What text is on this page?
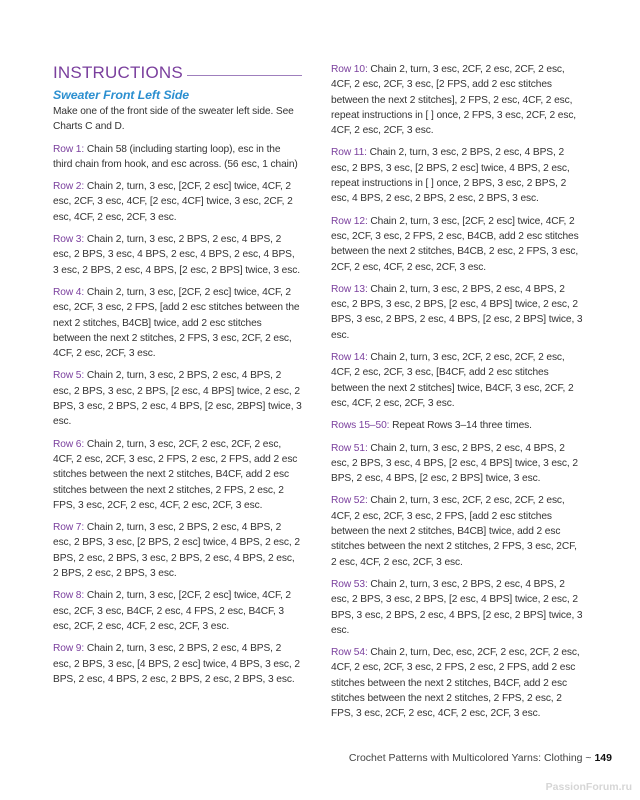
INSTRUCTIONS
Sweater Front Left Side

Make one of the front side of the sweater left side. See Charts C and D.

Row 1: Chain 58 (including starting loop), esc in the third chain from hook, and esc across. (56 esc, 1 chain)

Row 2: Chain 2, turn, 3 esc, [2CF, 2 esc] twice, 4CF, 2 esc, 2CF, 3 esc, 4CF, [2 esc, 4CF] twice, 3 esc, 2CF, 2 esc, 4CF, 2 esc, 2CF, 3 esc.

Row 3: Chain 2, turn, 3 esc, 2 BPS, 2 esc, 4 BPS, 2 esc, 2 BPS, 3 esc, 4 BPS, 2 esc, 4 BPS, 2 esc, 4 BPS, 3 esc, 2 BPS, 2 esc, 4 BPS, [2 esc, 2 BPS] twice, 3 esc.

Row 4: Chain 2, turn, 3 esc, [2CF, 2 esc] twice, 4CF, 2 esc, 2CF, 3 esc, 2 FPS, [add 2 esc stitches between the next 2 stitches, B4CB] twice, add 2 esc stitches between the next 2 stitches, 2 FPS, 3 esc, 2CF, 2 esc, 4CF, 2 esc, 2CF, 3 esc.

Row 5: Chain 2, turn, 3 esc, 2 BPS, 2 esc, 4 BPS, 2 esc, 2 BPS, 3 esc, 2 BPS, [2 esc, 4 BPS] twice, 2 esc, 2 BPS, 3 esc, 2 BPS, 2 esc, 4 BPS, [2 esc, 2BPS] twice, 3 esc.

Row 6: Chain 2, turn, 3 esc, 2CF, 2 esc, 2CF, 2 esc, 4CF, 2 esc, 2CF, 3 esc, 2 FPS, 2 esc, 2 FPS, add 2 esc stitches between the next 2 stitches, B4CF, add 2 esc stitches between the next 2 stitches, 2 FPS, 2 esc, 2 FPS, 3 esc, 2CF, 2 esc, 4CF, 2 esc, 2CF, 3 esc.

Row 7: Chain 2, turn, 3 esc, 2 BPS, 2 esc, 4 BPS, 2 esc, 2 BPS, 3 esc, [2 BPS, 2 esc] twice, 4 BPS, 2 esc, 2 BPS, 2 esc, 2 BPS, 3 esc, 2 BPS, 2 esc, 4 BPS, 2 esc, 2 BPS, 2 esc, 2 BPS, 3 esc.

Row 8: Chain 2, turn, 3 esc, [2CF, 2 esc] twice, 4CF, 2 esc, 2CF, 3 esc, B4CF, 2 esc, 4 FPS, 2 esc, B4CF, 3 esc, 2CF, 2 esc, 4CF, 2 esc, 2CF, 3 esc.

Row 9: Chain 2, turn, 3 esc, 2 BPS, 2 esc, 4 BPS, 2 esc, 2 BPS, 3 esc, [4 BPS, 2 esc] twice, 4 BPS, 3 esc, 2 BPS, 2 esc, 4 BPS, 2 esc, 2 BPS, 2 esc, 2 BPS, 3 esc.

Row 10: Chain 2, turn, 3 esc, 2CF, 2 esc, 2CF, 2 esc, 4CF, 2 esc, 2CF, 3 esc, [2 FPS, add 2 esc stitches between the next 2 stitches], 2 FPS, 2 esc, 4CF, 2 esc, repeat instructions in [ ] once, 2 FPS, 3 esc, 2CF, 2 esc, 4CF, 2 esc, 2CF, 3 esc.

Row 11: Chain 2, turn, 3 esc, 2 BPS, 2 esc, 4 BPS, 2 esc, 2 BPS, 3 esc, [2 BPS, 2 esc] twice, 4 BPS, 2 esc, repeat instructions in [ ] once, 2 BPS, 3 esc, 2 BPS, 2 esc, 4 BPS, 2 esc, 2 BPS, 2 esc, 2 BPS, 3 esc.

Row 12: Chain 2, turn, 3 esc, [2CF, 2 esc] twice, 4CF, 2 esc, 2CF, 3 esc, 2 FPS, 2 esc, B4CB, add 2 esc stitches between the next 2 stitches, B4CB, 2 esc, 2 FPS, 3 esc, 2CF, 2 esc, 4CF, 2 esc, 2CF, 3 esc.

Row 13: Chain 2, turn, 3 esc, 2 BPS, 2 esc, 4 BPS, 2 esc, 2 BPS, 3 esc, 2 BPS, [2 esc, 4 BPS] twice, 2 esc, 2 BPS, 3 esc, 2 BPS, 2 esc, 4 BPS, [2 esc, 2 BPS] twice, 3 esc.

Row 14: Chain 2, turn, 3 esc, 2CF, 2 esc, 2CF, 2 esc, 4CF, 2 esc, 2CF, 3 esc, [B4CF, add 2 esc stitches between the next 2 stitches] twice, B4CF, 3 esc, 2CF, 2 esc, 4CF, 2 esc, 2CF, 3 esc.

Rows 15–50: Repeat Rows 3–14 three times.

Row 51: Chain 2, turn, 3 esc, 2 BPS, 2 esc, 4 BPS, 2 esc, 2 BPS, 3 esc, 4 BPS, [2 esc, 4 BPS] twice, 3 esc, 2 BPS, 2 esc, 4 BPS, [2 esc, 2 BPS] twice, 3 esc.

Row 52: Chain 2, turn, 3 esc, 2CF, 2 esc, 2CF, 2 esc, 4CF, 2 esc, 2CF, 3 esc, 2 FPS, [add 2 esc stitches between the next 2 stitches, B4CB] twice, add 2 esc stitches between the next 2 stitches, 2 FPS, 3 esc, 2CF, 2 esc, 4CF, 2 esc, 2CF, 3 esc.

Row 53: Chain 2, turn, 3 esc, 2 BPS, 2 esc, 4 BPS, 2 esc, 2 BPS, 3 esc, 2 BPS, [2 esc, 4 BPS] twice, 2 esc, 2 BPS, 3 esc, 2 BPS, 2 esc, 4 BPS, [2 esc, 2 BPS] twice, 3 esc.

Row 54: Chain 2, turn, Dec, esc, 2CF, 2 esc, 2CF, 2 esc, 4CF, 2 esc, 2CF, 3 esc, 2 FPS, 2 esc, 2 FPS, add 2 esc stitches between the next 2 stitches, B4CF, add 2 esc stitches between the next 2 stitches, 2 FPS, 2 esc, 2 FPS, 3 esc, 2CF, 2 esc, 4CF, 2 esc, 2CF, 3 esc.

Crochet Patterns with Multicolored Yarns: Clothing ~ 149
PassionForum.ru
